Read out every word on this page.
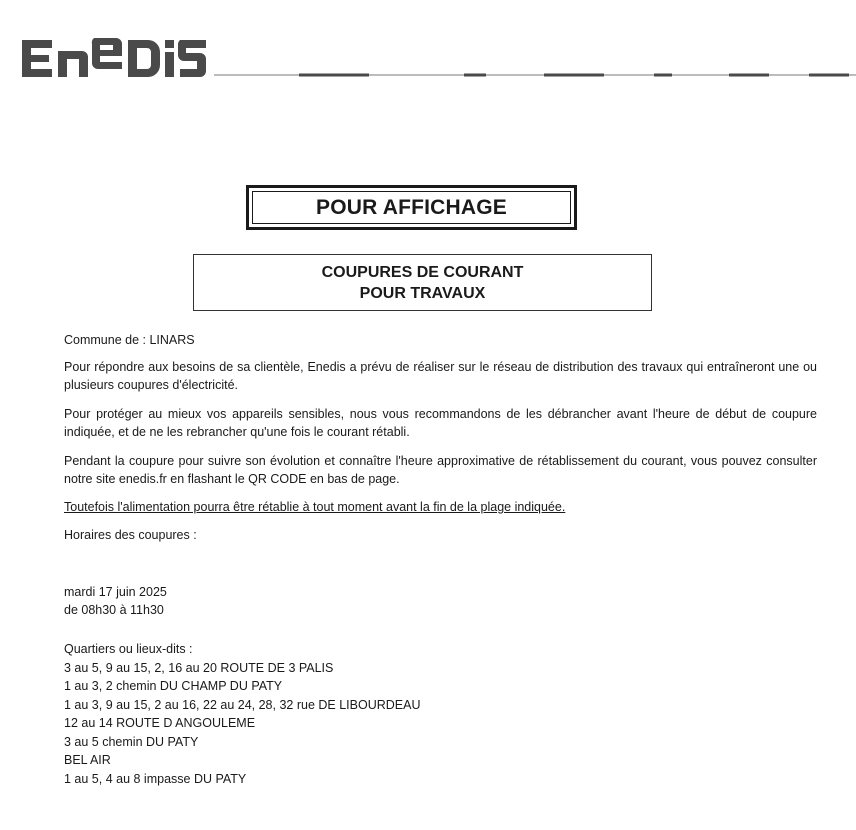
ENEDIS
POUR AFFICHAGE
COUPURES DE COURANT
POUR TRAVAUX
Commune de : LINARS
Pour répondre aux besoins de sa clientèle, Enedis a prévu de réaliser sur le réseau de distribution des travaux qui entraîneront une ou plusieurs coupures d'électricité.
Pour protéger au mieux vos appareils sensibles, nous vous recommandons de les débrancher avant l'heure de début de coupure indiquée, et de ne les rebrancher qu'une fois le courant rétabli.
Pendant la coupure pour suivre son évolution et connaître l'heure approximative de rétablissement du courant, vous pouvez consulter notre site enedis.fr en flashant le QR CODE en bas de page.
Toutefois l'alimentation pourra être rétablie à tout moment avant la fin de la plage indiquée.
Horaires des coupures :
mardi 17 juin 2025
de 08h30 à 11h30
Quartiers ou lieux-dits :
3 au 5, 9 au 15, 2, 16 au 20 ROUTE DE 3 PALIS
1 au 3, 2 chemin DU CHAMP DU PATY
1 au 3, 9 au 15, 2 au 16, 22 au 24, 28, 32 rue DE LIBOURDEAU
12 au 14 ROUTE D ANGOULEME
3 au 5 chemin DU PATY
BEL AIR
1 au 5, 4 au 8 impasse DU PATY
